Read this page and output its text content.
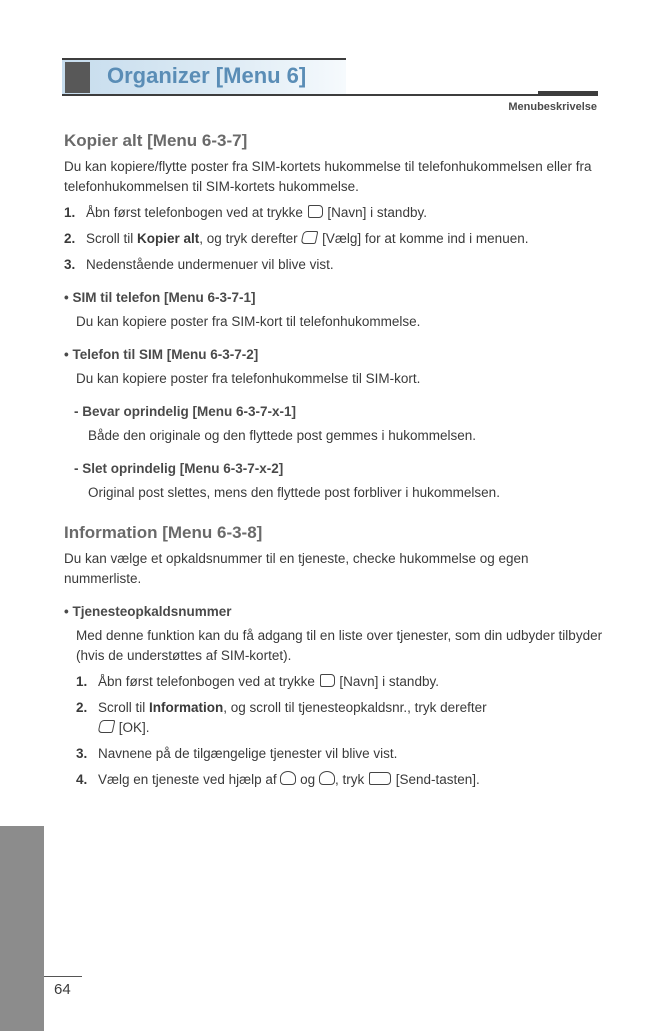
Organizer [Menu 6]
Menubeskrivelse

Kopier alt [Menu 6-3-7]

Du kan kopiere/flytte poster fra SIM-kortets hukommelse til telefonhukommelsen eller fra telefonhukommelsen til SIM-kortets hukommelse.

1. Åbn først telefonbogen ved at trykke [Navn] i standby.
2. Scroll til Kopier alt, og tryk derefter [Vælg] for at komme ind i menuen.
3. Nedenstående undermenuer vil blive vist.

• SIM til telefon [Menu 6-3-7-1]

Du kan kopiere poster fra SIM-kort til telefonhukommelse.

• Telefon til SIM [Menu 6-3-7-2]

Du kan kopiere poster fra telefonhukommelse til SIM-kort.

- Bevar oprindelig [Menu 6-3-7-x-1]

Både den originale og den flyttede post gemmes i hukommelsen.

- Slet oprindelig [Menu 6-3-7-x-2]

Original post slettes, mens den flyttede post forbliver i hukommelsen.

Information [Menu 6-3-8]

Du kan vælge et opkaldsnummer til en tjeneste, checke hukommelse og egen nummerliste.

• Tjenesteopkaldsnummer

Med denne funktion kan du få adgang til en liste over tjenester, som din udbyder tilbyder (hvis de understøttes af SIM-kortet).

1. Åbn først telefonbogen ved at trykke [Navn] i standby.
2. Scroll til Information, og scroll til tjenesteopkaldsnr., tryk derefter
[OK].
3. Navnene på de tilgængelige tjenester vil blive vist.
4. Vælg en tjeneste ved hjælp af og , tryk [Send-tasten].
64
